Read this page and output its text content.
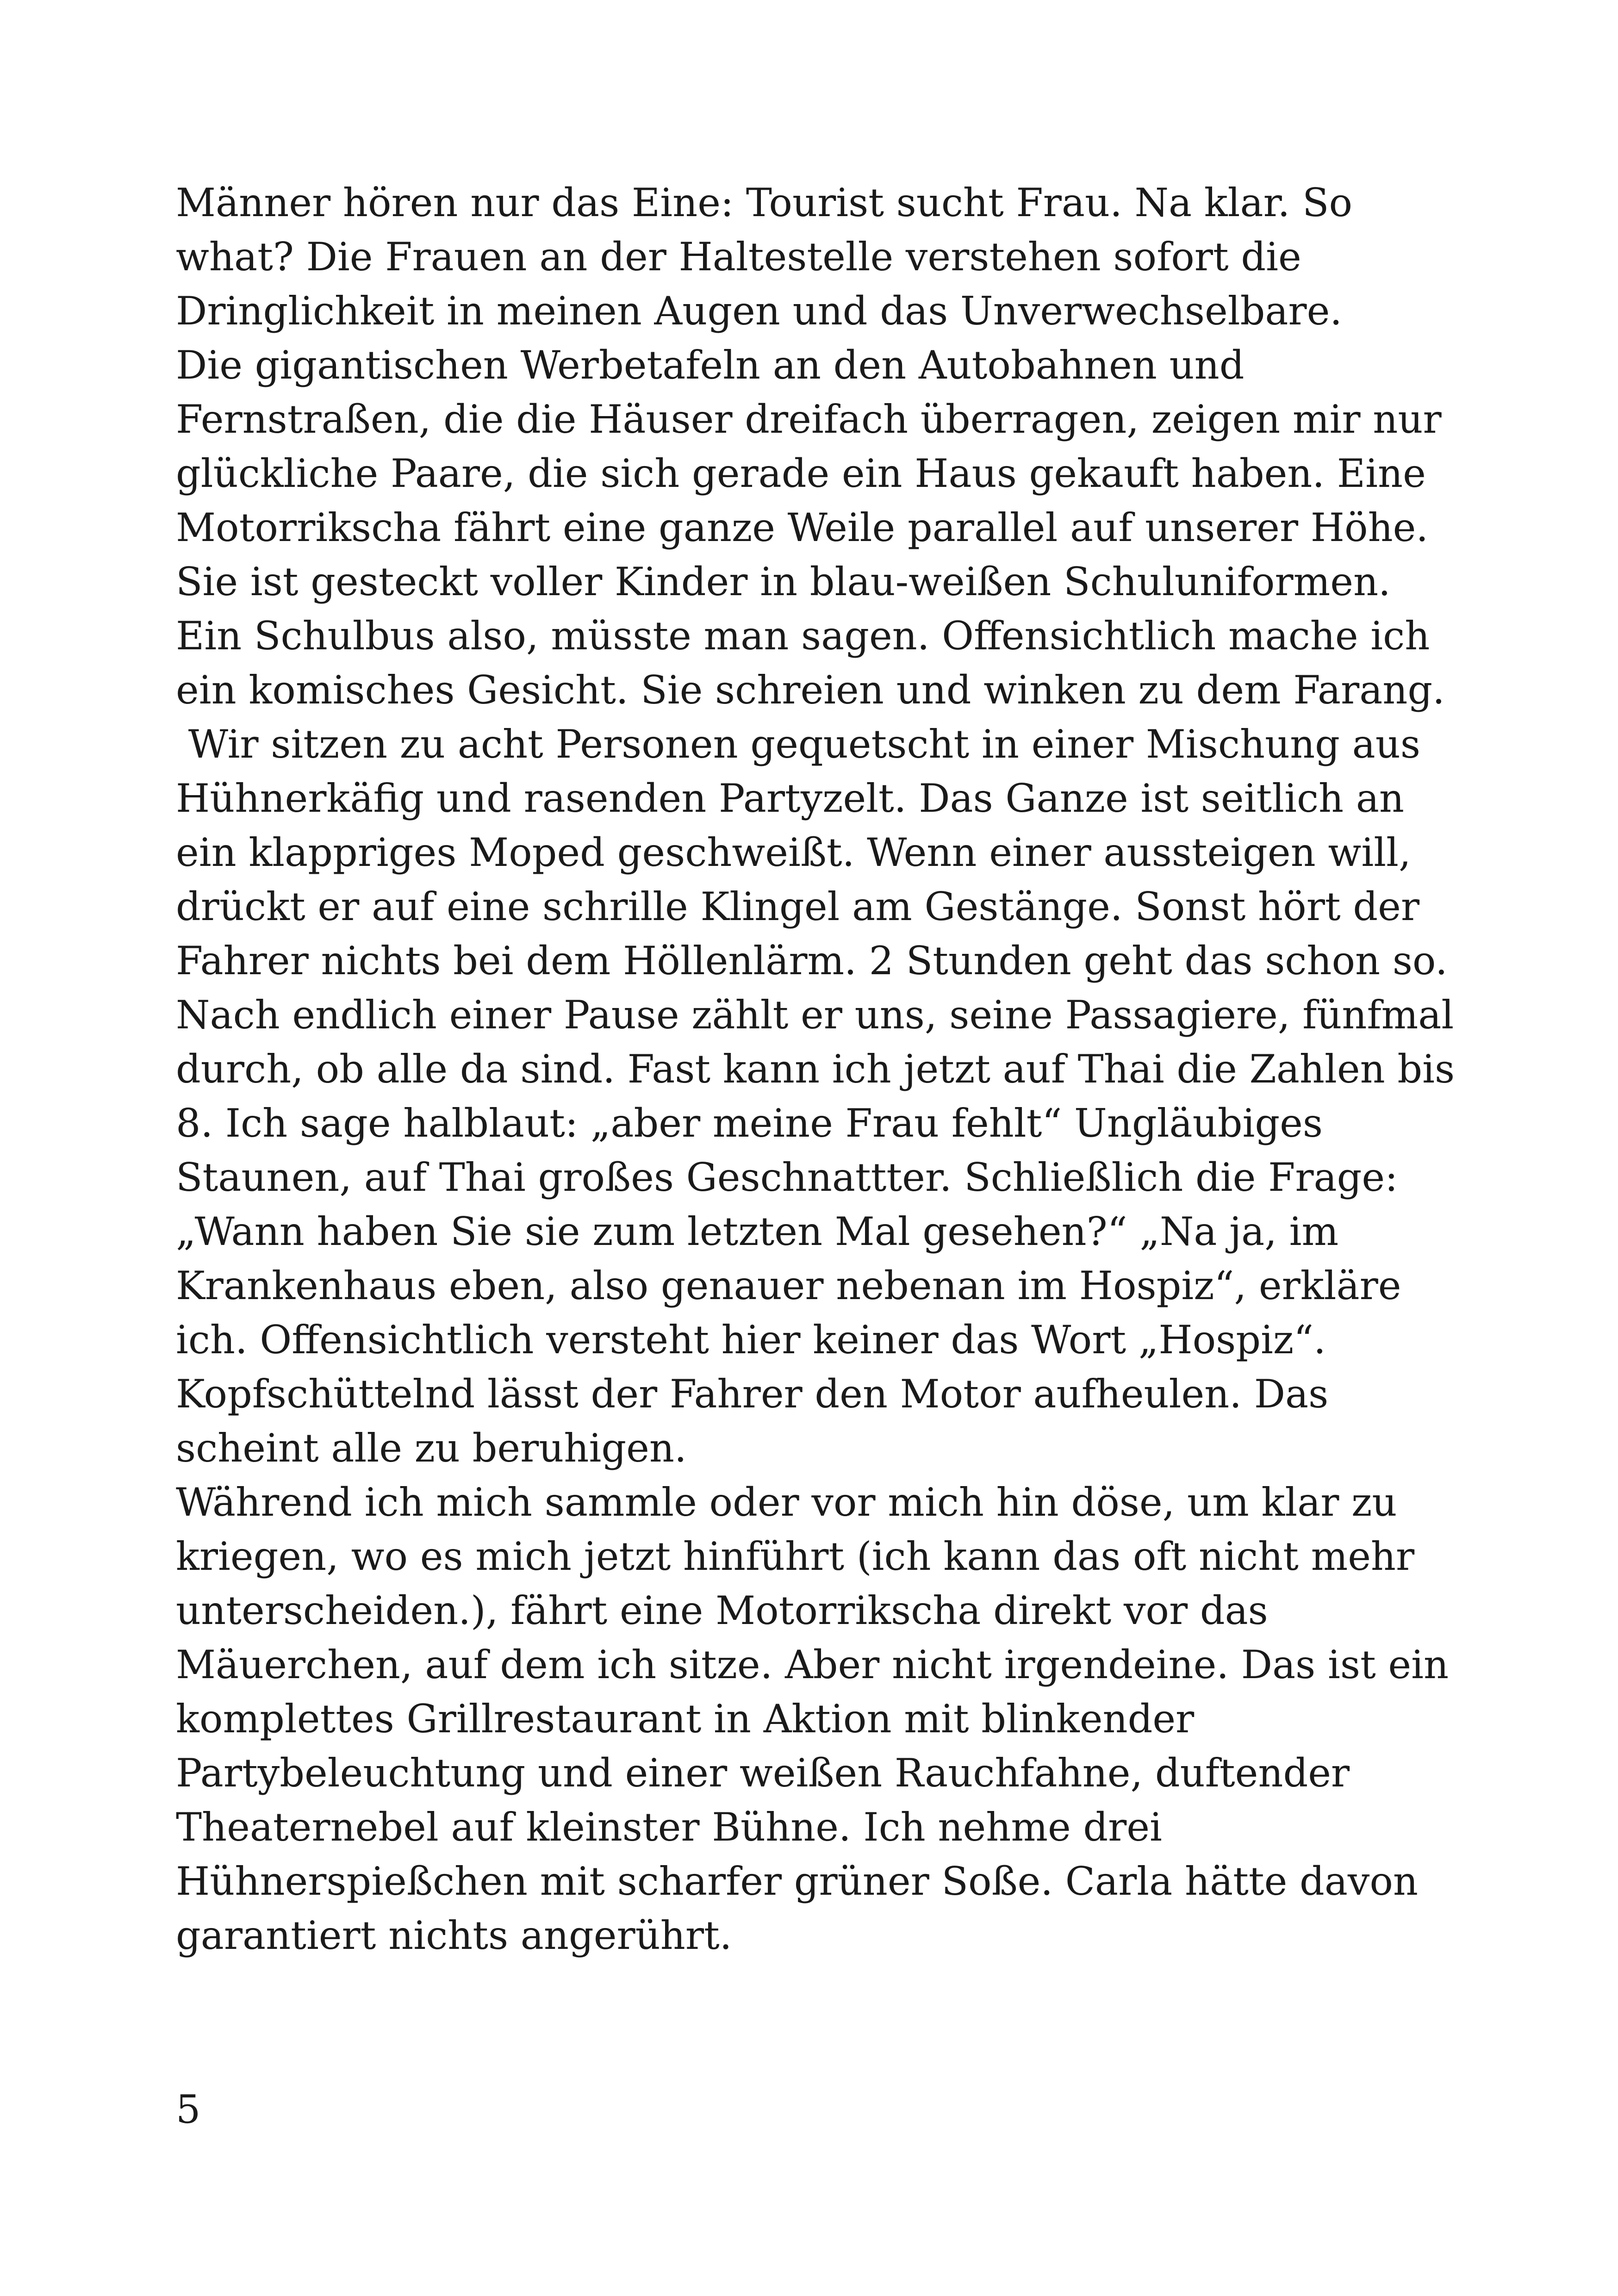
Männer hören nur das Eine: Tourist sucht Frau. Na klar. So
what? Die Frauen an der Haltestelle verstehen sofort die
Dringlichkeit in meinen Augen und das Unverwechselbare.
Die gigantischen Werbetafeln an den Autobahnen und
Fernstraßen, die die Häuser dreifach überragen, zeigen mir nur
glückliche Paare, die sich gerade ein Haus gekauft haben. Eine
Motorrikscha fährt eine ganze Weile parallel auf unserer Höhe.
Sie ist gesteckt voller Kinder in blau-weißen Schuluniformen.
Ein Schulbus also, müsste man sagen. Offensichtlich mache ich
ein komisches Gesicht. Sie schreien und winken zu dem Farang.
Wir sitzen zu acht Personen gequetscht in einer Mischung aus
Hühnerkäfig und rasenden Partyzelt. Das Ganze ist seitlich an
ein klappriges Moped geschweißt. Wenn einer aussteigen will,
drückt er auf eine schrille Klingel am Gestänge. Sonst hört der
Fahrer nichts bei dem Höllenlärm. 2 Stunden geht das schon so.
Nach endlich einer Pause zählt er uns, seine Passagiere, fünfmal
durch, ob alle da sind. Fast kann ich jetzt auf Thai die Zahlen bis
8. Ich sage halblaut: „aber meine Frau fehlt“ Ungläubiges
Staunen, auf Thai großes Geschnattter. Schließlich die Frage:
„Wann haben Sie sie zum letzten Mal gesehen?“ „Na ja, im
Krankenhaus eben, also genauer nebenan im Hospiz“, erkläre
ich. Offensichtlich versteht hier keiner das Wort „Hospiz“.
Kopfschüttelnd lässt der Fahrer den Motor aufheulen. Das
scheint alle zu beruhigen.
Während ich mich sammle oder vor mich hin döse, um klar zu
kriegen, wo es mich jetzt hinführt (ich kann das oft nicht mehr
unterscheiden.), fährt eine Motorrikscha direkt vor das
Mäuerchen, auf dem ich sitze. Aber nicht irgendeine. Das ist ein
komplettes Grillrestaurant in Aktion mit blinkender
Partybeleuchtung und einer weißen Rauchfahne, duftender
Theaternebel auf kleinster Bühne. Ich nehme drei
Hühnerspießchen mit scharfer grüner Soße. Carla hätte davon
garantiert nichts angerührt.
5
